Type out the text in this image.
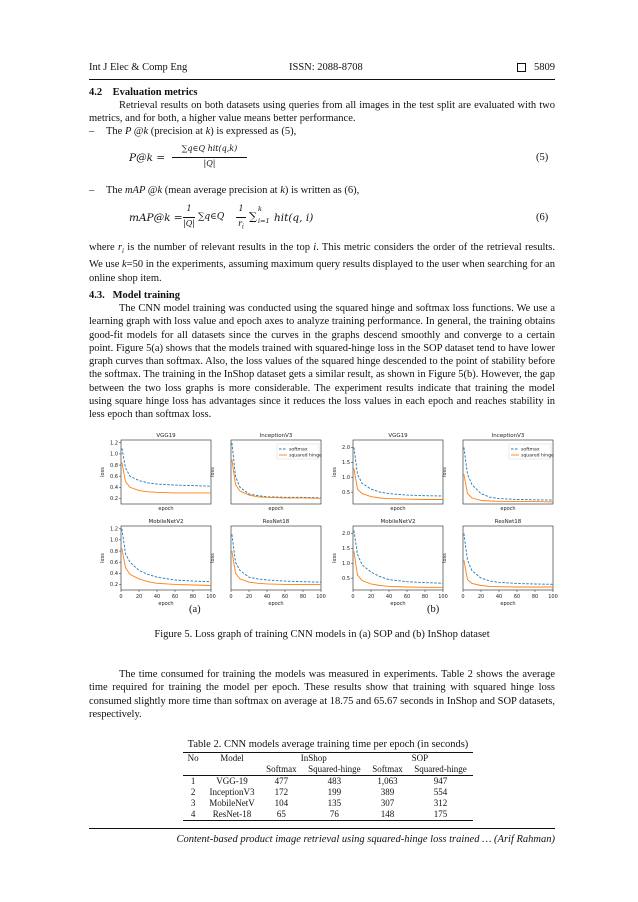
Int J Elec & Comp Eng	ISSN: 2088-8708	5809
4.2    Evaluation metrics
Retrieval results on both datasets using queries from all images in the test split are evaluated with two metrics, and for both, a higher value means better performance.
– The P @k (precision at k) is expressed as (5),
P@k =
∑q∈Q hit(q,k)
|Q|
(5)
– The mAP @k (mean average precision at k) is written as (6),
mAP@k =
1
|Q|
∑q∈Q
1
$r_i$
∑
k
i=1 hit(q, i)	(6)
where $r_i$ is the number of relevant results in the top i. This metric considers the order of the retrieval results. We use k=50 in the experiments, assuming maximum query results displayed to the user when searching for an online shop item.
4.3.   Model training
The CNN model training was conducted using the squared hinge and softmax loss functions. We use a learning graph with loss value and epoch axes to analyze training performance. In general, the training obtains good-fit models for all datasets since the curves in the graphs descend smoothly and converge to a certain point. Figure 5(a) shows that the models trained with squared-hinge loss in the SOP dataset tend to have lower graph curves than softmax. Also, the loss values of the squared hinge descended to the point of stability before the softmax. The training in the InShop dataset gets a similar result, as shown in Figure 5(b). However, the gap between the two loss graphs is more considerable. The experiment results indicate that training the model using square hinge loss has advantages since it reduces the loss values in each epoch and reaches stability in less epoch than softmax loss.
VGG19
loss
0.2
0.4
0.6
0.8
1.0
1.2
epoch
InceptionV3
loss
epoch
softmax
squared hinge
MobileNetV2
loss
0.2
0.4
0.6
0.8
1.0
1.2
0	20 40 60 80 100
epoch
ResNet18
loss
0	20 40 60 80 100
epoch
VGG19
loss
0.5
1.0
1.5
2.0
epoch
InceptionV3
loss
epoch
softmax
squared hinge
MobileNetV2
loss
0.5
1.0
1.5
2.0
0	20 40 60 80 100
epoch
ResNet18
loss
0	20 40 60 80 100
epoch
(a)	(b)
Figure 5. Loss graph of training CNN models in (a) SOP and (b) InShop dataset
The time consumed for training the models was measured in experiments. Table 2 shows the average time required for training the model per epoch. These results show that training with squared hinge loss consumed slightly more time than softmax on average at 18.75 and 65.67 seconds in InShop and SOP datasets, respectively.
Table 2. CNN models average training time per epoch (in seconds)
No	Model	InShop		SOP	
		Softmax	Squared-hinge	Softmax	Squared-hinge
1	VGG-19	477	483	1,063	947
2	InceptionV3	172	199	389	554
3	MobileNetV	104	135	307	312
4	ResNet-18	65	76	148	175
Content-based product image retrieval using squared-hinge loss trained … (Arif Rahman)
